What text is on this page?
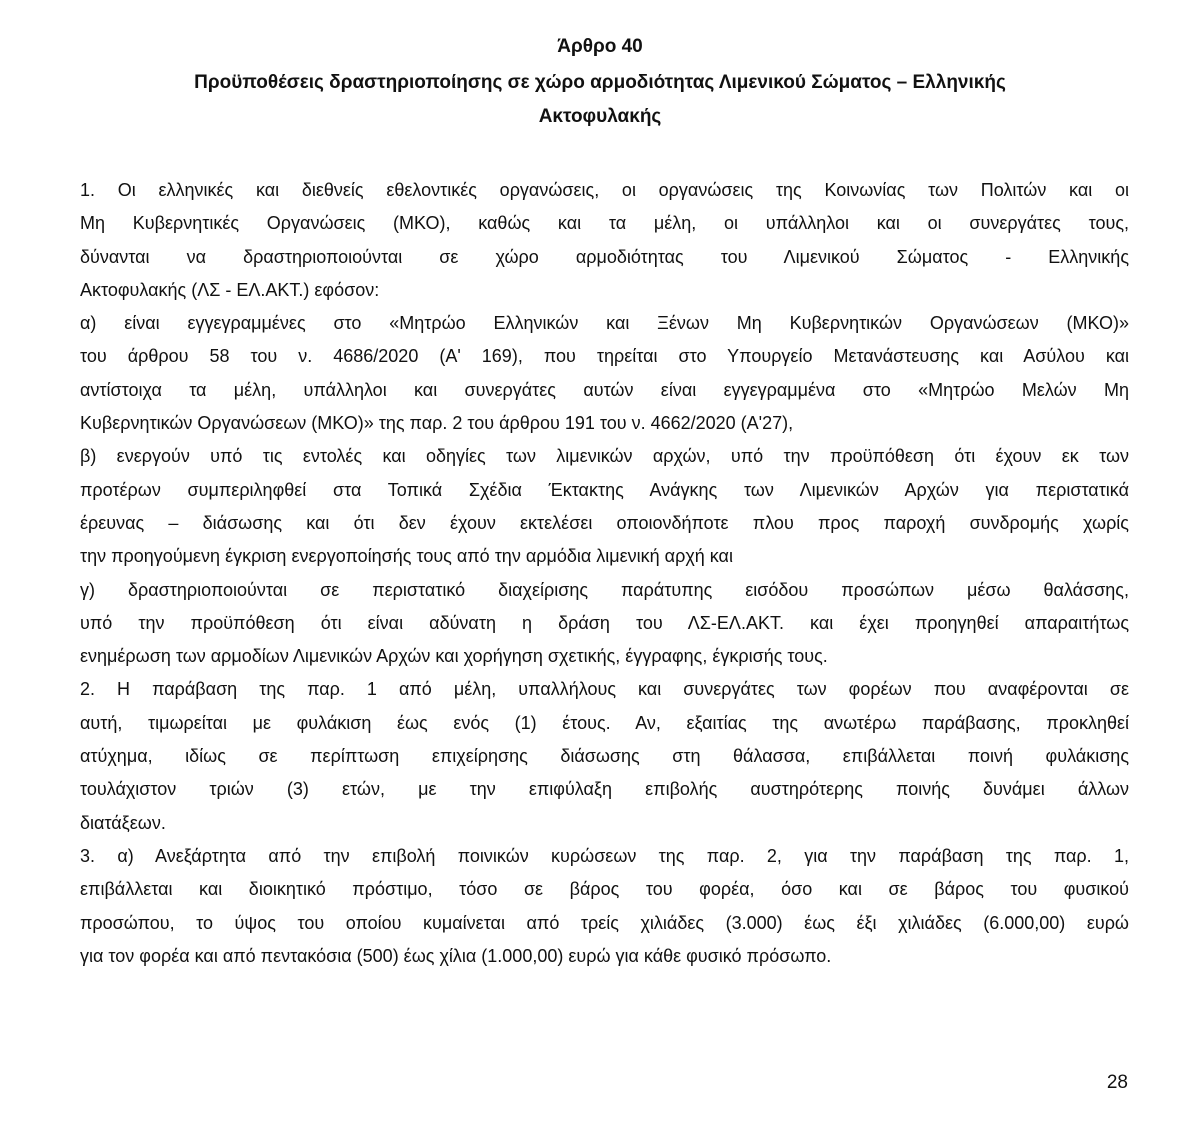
Άρθρο 40
Προϋποθέσεις δραστηριοποίησης σε χώρο αρμοδιότητας Λιμενικού Σώματος – Ελληνικής
Ακτοφυλακής
1. Οι ελληνικές και διεθνείς εθελοντικές οργανώσεις, οι οργανώσεις της Κοινωνίας των Πολιτών και οι
Μη Κυβερνητικές Οργανώσεις (ΜΚΟ), καθώς και τα μέλη, οι υπάλληλοι και οι συνεργάτες τους,
δύνανται να δραστηριοποιούνται σε χώρο αρμοδιότητας του Λιμενικού Σώματος - Ελληνικής
Ακτοφυλακής (ΛΣ - ΕΛ.ΑΚΤ.) εφόσον:
α) είναι εγγεγραμμένες στο «Μητρώο Ελληνικών και Ξένων Μη Κυβερνητικών Οργανώσεων (ΜΚΟ)»
του άρθρου 58 του ν. 4686/2020 (Α' 169), που τηρείται στο Υπουργείο Μετανάστευσης και Ασύλου και
αντίστοιχα τα μέλη, υπάλληλοι και συνεργάτες αυτών είναι εγγεγραμμένα στο «Μητρώο Μελών Μη
Κυβερνητικών Οργανώσεων (ΜΚΟ)» της παρ. 2 του άρθρου 191 του ν. 4662/2020 (Α'27),
β) ενεργούν υπό τις εντολές και οδηγίες των λιμενικών αρχών, υπό την προϋπόθεση ότι έχουν εκ των
προτέρων συμπεριληφθεί στα Τοπικά Σχέδια Έκτακτης Ανάγκης των Λιμενικών Αρχών για περιστατικά
έρευνας – διάσωσης και ότι δεν έχουν εκτελέσει οποιονδήποτε πλου προς παροχή συνδρομής χωρίς
την προηγούμενη έγκριση ενεργοποίησής τους από την αρμόδια λιμενική αρχή και
γ) δραστηριοποιούνται σε περιστατικό διαχείρισης παράτυπης εισόδου προσώπων μέσω θαλάσσης,
υπό την προϋπόθεση ότι είναι αδύνατη η δράση του ΛΣ-ΕΛ.ΑΚΤ. και έχει προηγηθεί απαραιτήτως
ενημέρωση των αρμοδίων Λιμενικών Αρχών και χορήγηση σχετικής, έγγραφης, έγκρισής τους.
2. Η παράβαση της παρ. 1 από μέλη, υπαλλήλους και συνεργάτες των φορέων που αναφέρονται σε
αυτή, τιμωρείται με φυλάκιση έως ενός (1) έτους. Αν, εξαιτίας της ανωτέρω παράβασης, προκληθεί
ατύχημα, ιδίως σε περίπτωση επιχείρησης διάσωσης στη θάλασσα, επιβάλλεται ποινή φυλάκισης
τουλάχιστον τριών (3) ετών, με την επιφύλαξη επιβολής αυστηρότερης ποινής δυνάμει άλλων
διατάξεων.
3. α) Ανεξάρτητα από την επιβολή ποινικών κυρώσεων της παρ. 2, για την παράβαση της παρ. 1,
επιβάλλεται και διοικητικό πρόστιμο, τόσο σε βάρος του φορέα, όσο και σε βάρος του φυσικού
προσώπου, το ύψος του οποίου κυμαίνεται από τρείς χιλιάδες (3.000) έως έξι χιλιάδες (6.000,00) ευρώ
για τον φορέα και από πεντακόσια (500) έως χίλια (1.000,00) ευρώ για κάθε φυσικό πρόσωπο.
28
